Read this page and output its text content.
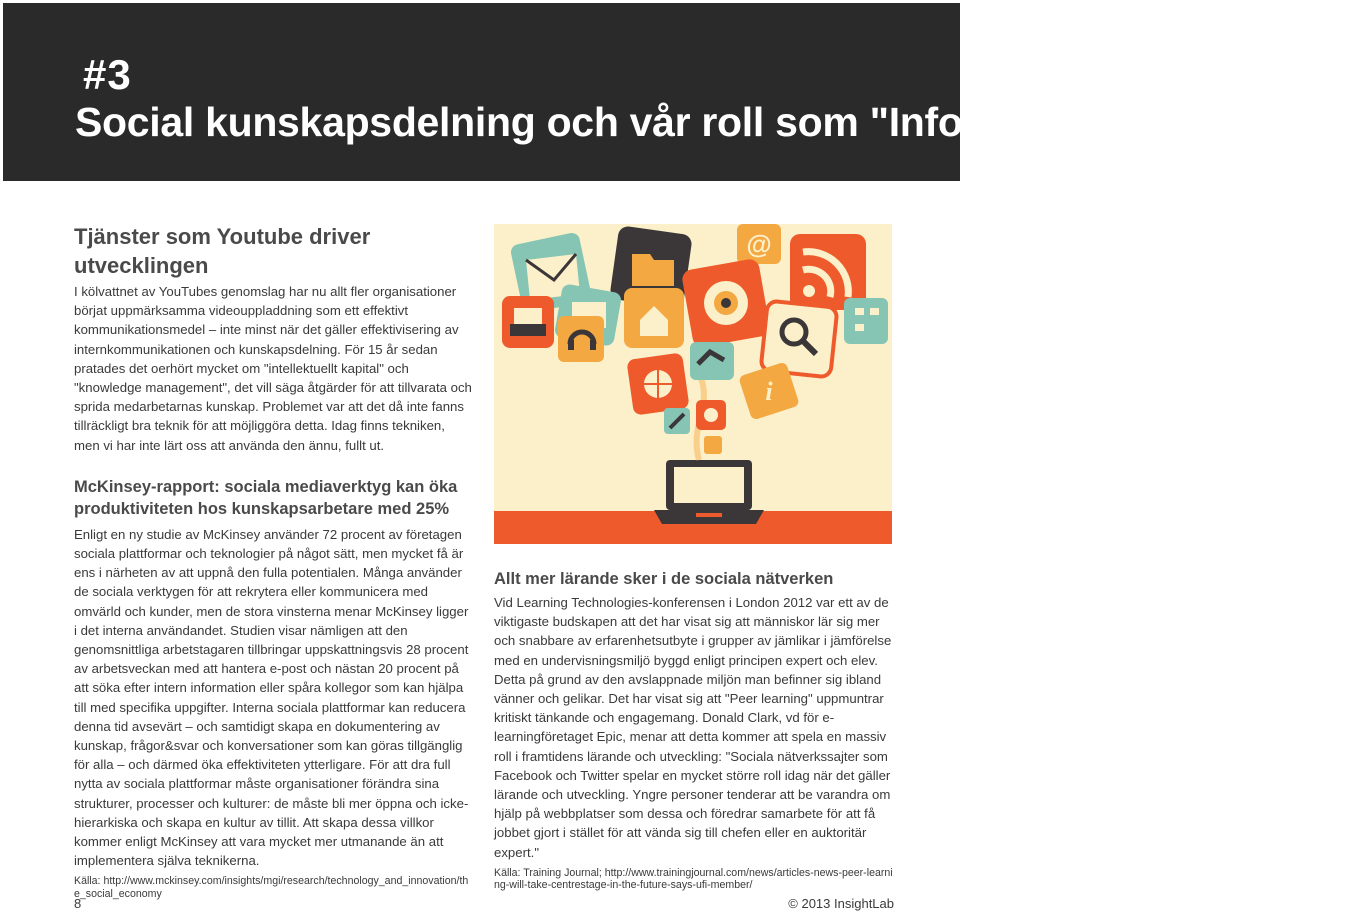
#3
Social kunskapsdelning och vår roll som "Informationsförmedlare"
Tjänster som Youtube driver utvecklingen

I kölvattnet av YouTubes genomslag har nu allt fler organisationer börjat uppmärksamma videouppladdning som ett effektivt kommunikationsmedel – inte minst när det gäller effektivisering av internkommunikationen och kunskapsdelning. För 15 år sedan pratades det oerhört mycket om "intellektuellt kapital" och "knowledge management", det vill säga åtgärder för att tillvarata och sprida medarbetarnas kunskap. Problemet var att det då inte fanns tillräckligt bra teknik för att möjliggöra detta. Idag finns tekniken, men vi har inte lärt oss att använda den ännu, fullt ut.

McKinsey-rapport: sociala mediaverktyg kan öka produktiviteten hos kunskapsarbetare med 25%

Enligt en ny studie av McKinsey använder 72 procent av företagen sociala plattformar och teknologier på något sätt, men mycket få är ens i närheten av att uppnå den fulla potentialen. Många använder de sociala verktygen för att rekrytera eller kommunicera med omvärld och kunder, men de stora vinsterna menar McKinsey ligger i det interna användandet. Studien visar nämligen att den genomsnittliga arbetstagaren tillbringar uppskattningsvis 28 procent av arbetsveckan med att hantera e-post och nästan 20 procent på att söka efter intern information eller spåra kollegor som kan hjälpa till med specifika uppgifter. Interna sociala plattformar kan reducera denna tid avsevärt – och samtidigt skapa en dokumentering av kunskap, frågor&svar och konversationer som kan göras tillgänglig för alla – och därmed öka effektiviteten ytterligare. För att dra full nytta av sociala plattformar måste organisationer förändra sina strukturer, processer och kulturer: de måste bli mer öppna och icke-hierarkiska och skapa en kultur av tillit. Att skapa dessa villkor kommer enligt McKinsey att vara mycket mer utmanande än att implementera själva teknikerna.

Källa: http://www.mckinsey.com/insights/mgi/research/technology_and_innovation/the_social_economy

@
i
Allt mer lärande sker i de sociala nätverken

Vid Learning Technologies-konferensen i London 2012 var ett av de viktigaste budskapen att det har visat sig att människor lär sig mer och snabbare av erfarenhetsutbyte i grupper av jämlikar i jämförelse med en undervisningsmiljö byggd enligt principen expert och elev. Detta på grund av den avslappnade miljön man befinner sig ibland vänner och gelikar. Det har visat sig att "Peer learning" uppmuntrar kritiskt tänkande och engagemang. Donald Clark, vd för e-learningföretaget Epic, menar att detta kommer att spela en massiv roll i framtidens lärande och utveckling: "Sociala nätverkssajter som Facebook och Twitter spelar en mycket större roll idag när det gäller lärande och utveckling. Yngre personer tenderar att be varandra om hjälp på webbplatser som dessa och föredrar samarbete för att få jobbet gjort i stället för att vända sig till chefen eller en auktoritär expert."

Källa: Training Journal; http://www.trainingjournal.com/news/articles-news-peer-learning-will-take-centrestage-in-the-future-says-ufi-member/

8	© 2013 InsightLab
